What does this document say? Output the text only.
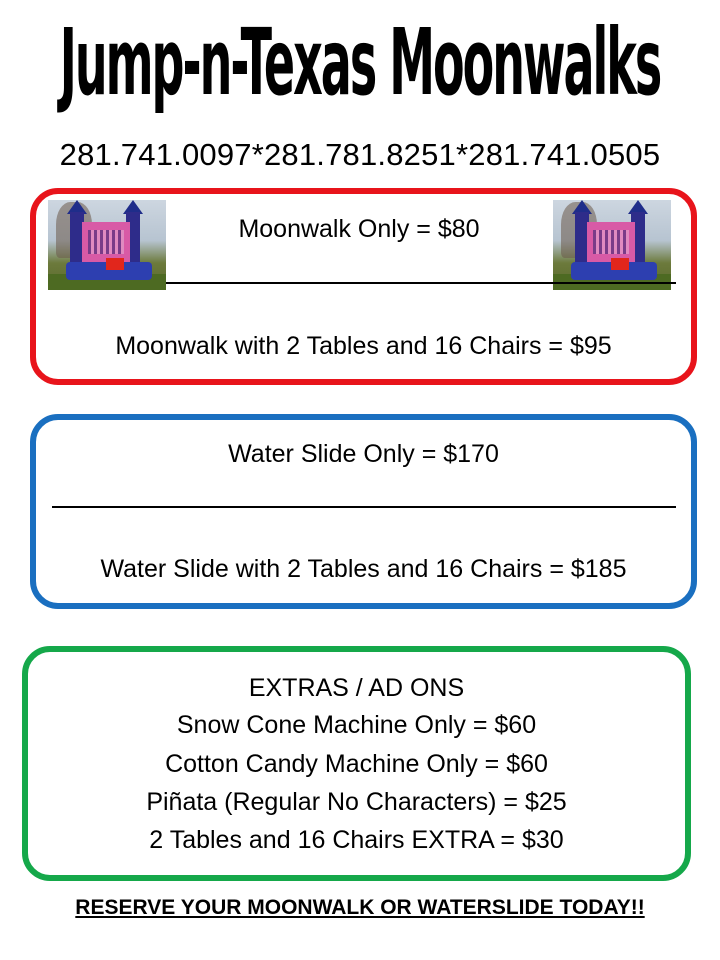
Jump-n-Texas Moonwalks
281.741.0097*281.781.8251*281.741.0505
Moonwalk Only = $80
Moonwalk with 2 Tables and 16 Chairs = $95
Water Slide Only = $170
Water Slide with 2 Tables and 16 Chairs = $185
EXTRAS / AD ONS
Snow Cone Machine Only = $60
Cotton Candy Machine Only = $60
Piñata (Regular No Characters) = $25
2 Tables and 16 Chairs EXTRA = $30
RESERVE YOUR MOONWALK OR WATERSLIDE TODAY!!
